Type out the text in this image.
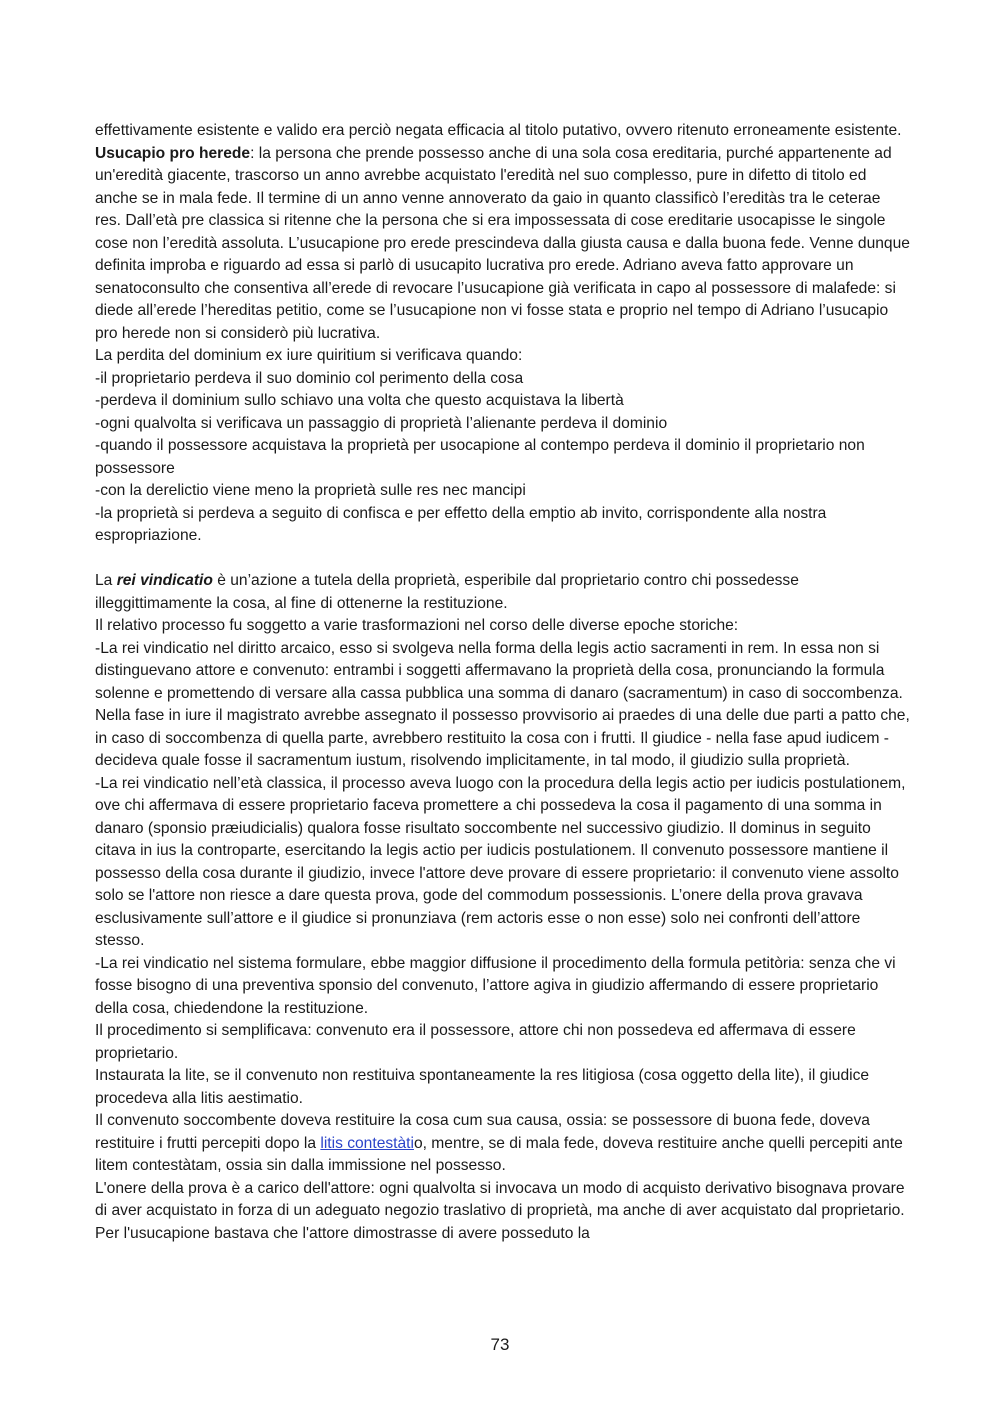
effettivamente esistente e valido era perciò negata efficacia al titolo putativo, ovvero ritenuto erroneamente esistente.

Usucapio pro herede: la persona che prende possesso anche di una sola cosa ereditaria, purché appartenente ad un'eredità giacente, trascorso un anno avrebbe acquistato l'eredità nel suo complesso, pure in difetto di titolo ed anche se in mala fede. Il termine di un anno venne annoverato da gaio in quanto classificò l’ereditàs tra le ceterae res. Dall’età pre classica si ritenne che la persona che si era impossessata di cose ereditarie usocapisse le singole cose non l’eredità assoluta. L’usucapione pro erede prescindeva dalla giusta causa e dalla buona fede. Venne dunque definita improba e riguardo ad essa si parlò di usucapito lucrativa pro erede. Adriano aveva fatto approvare un senatoconsulto che consentiva all’erede di revocare l’usucapione già verificata in capo al possessore di malafede: si diede all’erede l’hereditas petitio, come se l’usucapione non vi fosse stata e proprio nel tempo di Adriano l’usucapio pro herede non si considerò più lucrativa.

La perdita del dominium ex iure quiritium si verificava quando:

-il proprietario perdeva il suo dominio col perimento della cosa

-perdeva il dominium sullo schiavo una volta che questo acquistava la libertà

-ogni qualvolta si verificava un passaggio di proprietà l’alienante perdeva il dominio

-quando il possessore acquistava la proprietà per usocapione al contempo perdeva il dominio il proprietario non possessore

-con la derelictio viene meno la proprietà sulle res nec mancipi

-la proprietà si perdeva a seguito di confisca e per effetto della emptio ab invito, corrispondente alla nostra espropriazione.

La rei vindicatio è un’azione a tutela della proprietà, esperibile dal proprietario contro chi possedesse illeggittimamente la cosa, al fine di ottenerne la restituzione.

Il relativo processo fu soggetto a varie trasformazioni nel corso delle diverse epoche storiche:

-La rei vindicatio nel diritto arcaico, esso si svolgeva nella forma della legis actio sacramenti in rem. In essa non si distinguevano attore e convenuto: entrambi i soggetti affermavano la proprietà della cosa, pronunciando la formula solenne e promettendo di versare alla cassa pubblica una somma di danaro (sacramentum) in caso di soccombenza. Nella fase in iure il magistrato avrebbe assegnato il possesso provvisorio ai praedes di una delle due parti a patto che, in caso di soccombenza di quella parte, avrebbero restituito la cosa con i frutti. Il giudice - nella fase apud iudicem - decideva quale fosse il sacramentum iustum, risolvendo implicitamente, in tal modo, il giudizio sulla proprietà.

-La rei vindicatio nell’età classica, il processo aveva luogo con la procedura della legis actio per iudicis postulationem, ove chi affermava di essere proprietario faceva promettere a chi possedeva la cosa il pagamento di una somma in danaro (sponsio præiudicialis) qualora fosse risultato soccombente nel successivo giudizio. Il dominus in seguito citava in ius la controparte, esercitando la legis actio per iudicis postulationem. Il convenuto possessore mantiene il possesso della cosa durante il giudizio, invece l'attore deve provare di essere proprietario: il convenuto viene assolto solo se l'attore non riesce a dare questa prova, gode del commodum possessionis. L’onere della prova gravava esclusivamente sull’attore e il giudice si pronunziava (rem actoris esse o non esse) solo nei confronti dell’attore stesso.

-La rei vindicatio nel sistema formulare, ebbe maggior diffusione il procedimento della formula petitòria: senza che vi fosse bisogno di una preventiva sponsio del convenuto, l’attore agiva in giudizio affermando di essere proprietario della cosa, chiedendone la restituzione.

Il procedimento si semplificava: convenuto era il possessore, attore chi non possedeva ed affermava di essere proprietario.

Instaurata la lite, se il convenuto non restituiva spontaneamente la res litigiosa (cosa oggetto della lite), il giudice procedeva alla litis aestimatio.

Il convenuto soccombente doveva restituire la cosa cum sua causa, ossia: se possessore di buona fede, doveva restituire i frutti percepiti dopo la litis contestàtio, mentre, se di mala fede, doveva restituire anche quelli percepiti ante litem contestàtam, ossia sin dalla immissione nel possesso.

L'onere della prova è a carico dell'attore: ogni qualvolta si invocava un modo di acquisto derivativo bisognava provare di aver acquistato in forza di un adeguato negozio traslativo di proprietà, ma anche di aver acquistato dal proprietario. Per l'usucapione bastava che l'attore dimostrasse di avere posseduto la

73
